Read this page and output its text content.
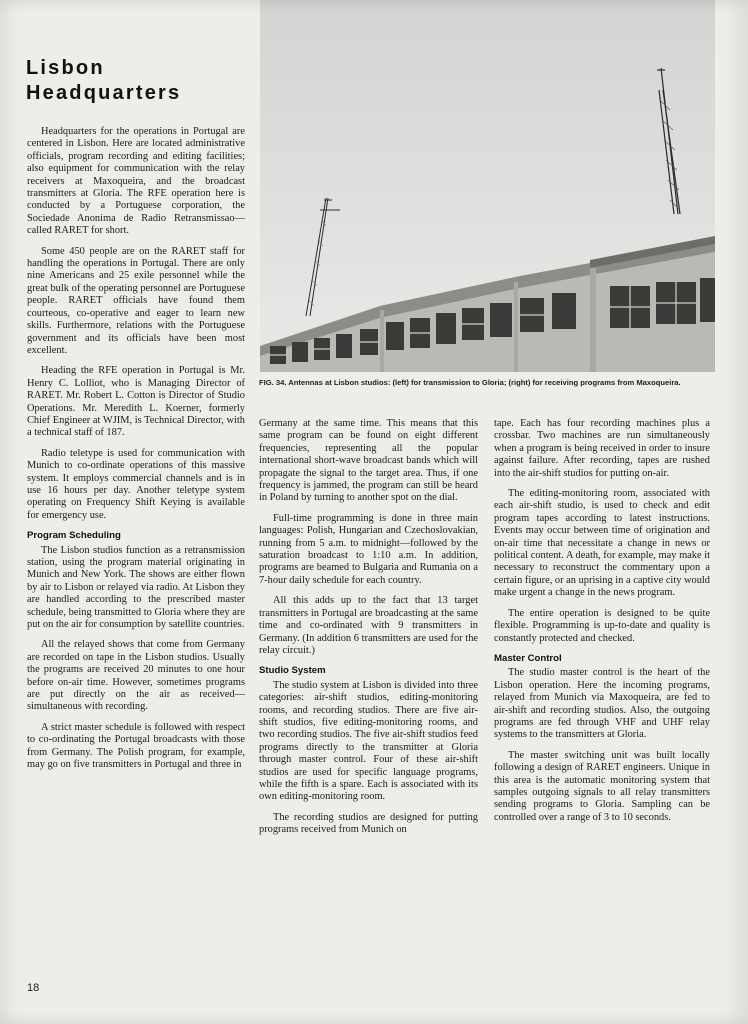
Lisbon
Headquarters

Headquarters for the operations in Portugal are centered in Lisbon. Here are located administrative officials, program recording and editing facilities; also equipment for communication with the relay receivers at Maxoqueira, and the broadcast transmitters at Gloria. The RFE operation here is conducted by a Portuguese corporation, the Sociedade Anonima de Radio Retransmissao—called RARET for short.

Some 450 people are on the RARET staff for handling the operations in Portugal. There are only nine Americans and 25 exile personnel while the great bulk of the operating personnel are Portuguese people. RARET officials have found them courteous, co-operative and eager to learn new skills. Furthermore, relations with the Portuguese government and its officials have been most excellent.

Heading the RFE operation in Portugal is Mr. Henry C. Lolliot, who is Managing Director of RARET. Mr. Robert L. Cotton is Director of Studio Operations. Mr. Meredith L. Koerner, formerly Chief Engineer at WJIM, is Technical Director, with a technical staff of 187.

Radio teletype is used for communication with Munich to co-ordinate operations of this massive system. It employs commercial channels and is in use 16 hours per day. Another teletype system operating on Frequency Shift Keying is available for emergency use.

Program Scheduling

The Lisbon studios function as a retransmission station, using the program material originating in Munich and New York. The shows are either flown by air to Lisbon or relayed via radio. At Lisbon they are handled according to the prescribed master schedule, being transmitted to Gloria where they are put on the air for consumption by satellite countries.

All the relayed shows that come from Germany are recorded on tape in the Lisbon studios. Usually the programs are received 20 minutes to one hour before on-air time. However, sometimes programs are put directly on the air as received—simultaneous with recording.

A strict master schedule is followed with respect to co-ordinating the Portugal broadcasts with those from Germany. The Polish program, for example, may go on five transmitters in Portugal and three in

FIG. 34. Antennas at Lisbon studios: (left) for transmission to Gloria; (right) for receiving programs from Maxoqueira.

Germany at the same time. This means that this same program can be found on eight different frequencies, representing all the popular international short-wave broadcast bands which will propagate the signal to the target area. Thus, if one frequency is jammed, the program can still be heard in Poland by turning to another spot on the dial.

Full-time programming is done in three main languages: Polish, Hungarian and Czechoslovakian, running from 5 a.m. to midnight—followed by the saturation broadcast to 1:10 a.m. In addition, programs are beamed to Bulgaria and Rumania on a 7-hour daily schedule for each country.

All this adds up to the fact that 13 target transmitters in Portugal are broadcasting at the same time and co-ordinated with 9 transmitters in Germany. (In addition 6 transmitters are used for the relay circuit.)

Studio System

The studio system at Lisbon is divided into three categories: air-shift studios, editing-monitoring rooms, and recording studios. There are five air-shift studios, five editing-monitoring rooms, and two recording studios. The five air-shift studios feed programs directly to the transmitter at Gloria through master control. Four of these air-shift studios are used for specific language programs, while the fifth is a spare. Each is associated with its own editing-monitoring room.

The recording studios are designed for putting programs received from Munich on

tape. Each has four recording machines plus a crossbar. Two machines are run simultaneously when a program is being received in order to insure against failure. After recording, tapes are rushed into the air-shift studios for putting on-air.

The editing-monitoring room, associated with each air-shift studio, is used to check and edit program tapes according to latest instructions. Events may occur between time of origination and on-air time that necessitate a change in news or political content. A death, for example, may make it necessary to reconstruct the commentary upon a certain figure, or an uprising in a captive city would make urgent a change in the news program.

The entire operation is designed to be quite flexible. Programming is up-to-date and quality is constantly protected and checked.

Master Control

The studio master control is the heart of the Lisbon operation. Here the incoming programs, relayed from Munich via Maxoqueira, are fed to air-shift and recording studios. Also, the outgoing programs are fed through VHF and UHF relay systems to the transmitters at Gloria.

The master switching unit was built locally following a design of RARET engineers. Unique in this area is the automatic monitoring system that samples outgoing signals to all relay transmitters sending programs to Gloria. Sampling can be controlled over a range of 3 to 10 seconds.

18
